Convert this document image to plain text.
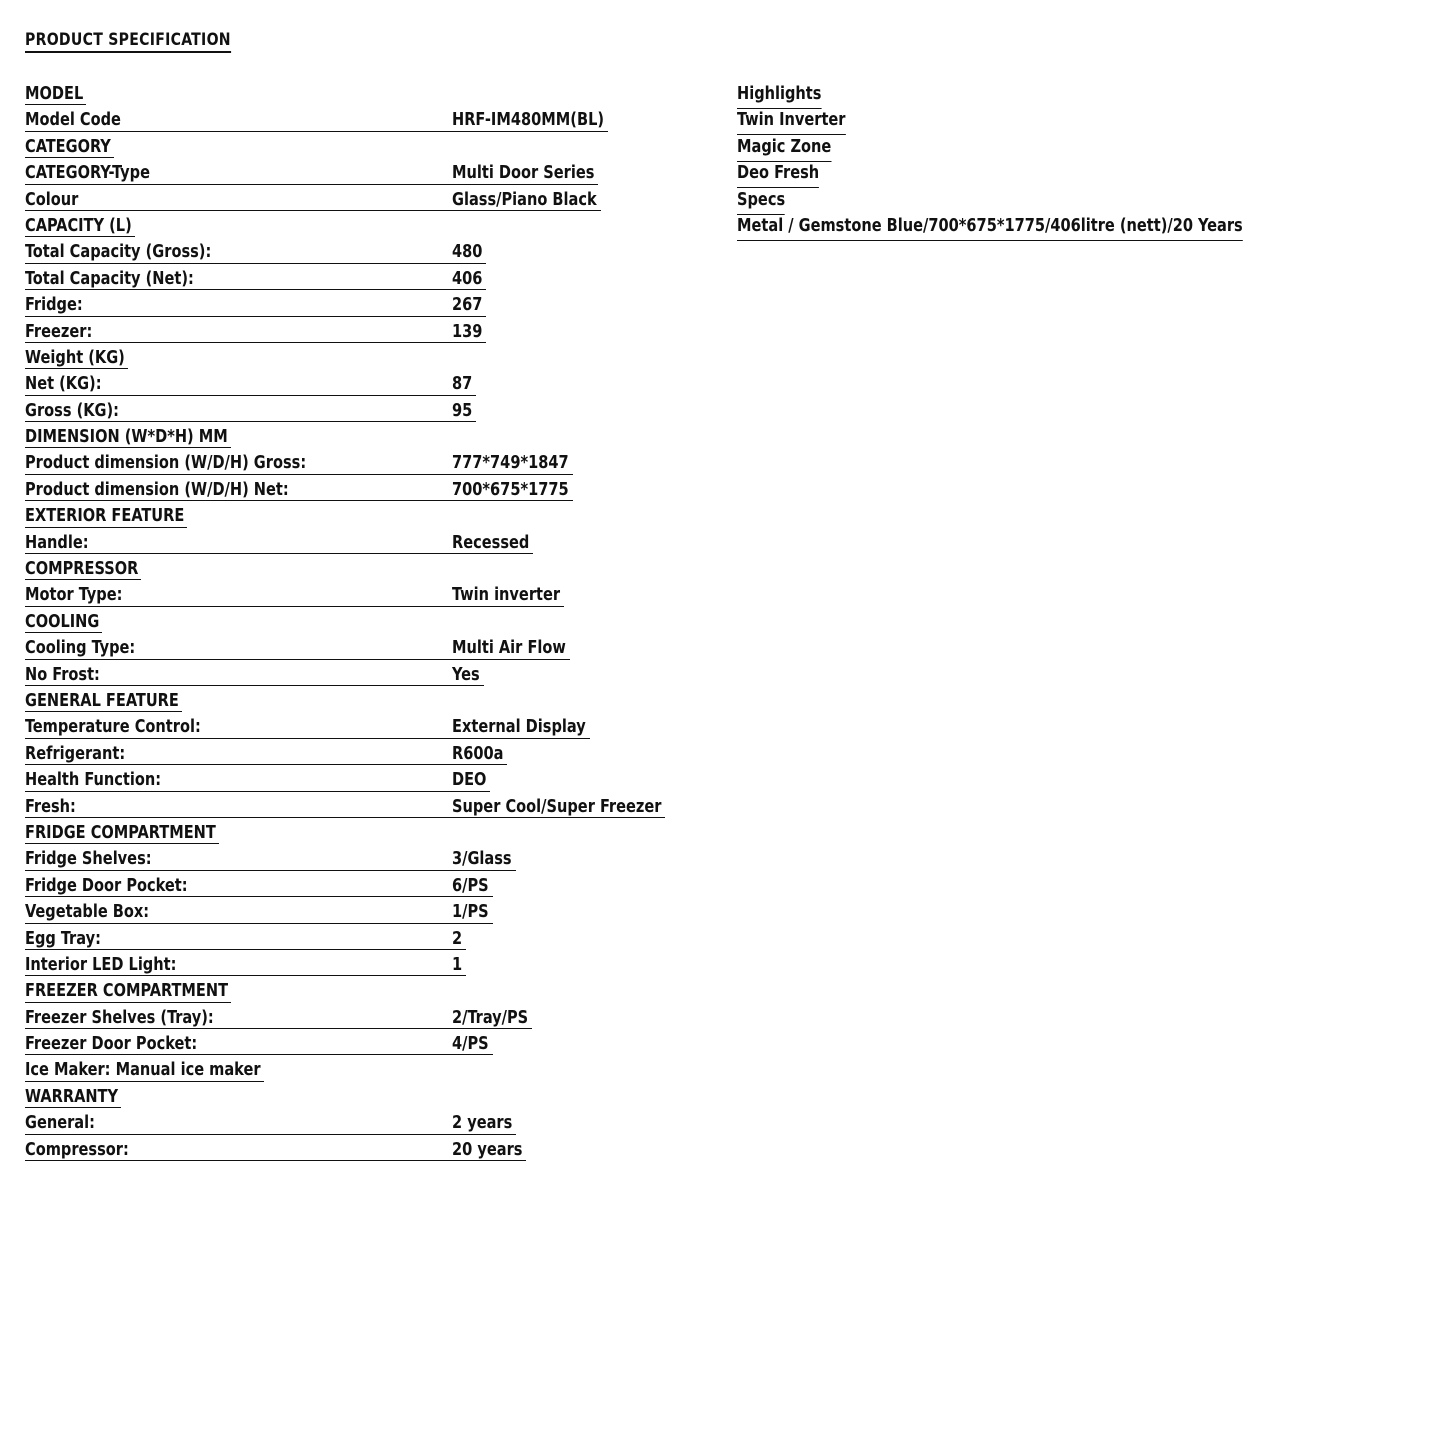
PRODUCT SPECIFICATION
MODEL
Model Code	HRF-IM480MM(BL)
CATEGORY
CATEGORY-Type	Multi Door Series
Colour	Glass/Piano Black
CAPACITY (L)
Total Capacity (Gross):	480
Total Capacity (Net):	406
Fridge:	267
Freezer:	139
Weight (KG)
Net (KG):	87
Gross (KG):	95
DIMENSION (W*D*H) MM
Product dimension (W/D/H) Gross:	777*749*1847
Product dimension (W/D/H) Net:	700*675*1775
EXTERIOR FEATURE
Handle:	Recessed
COMPRESSOR
Motor Type:	Twin inverter
COOLING
Cooling Type:	Multi Air Flow
No Frost:	Yes
GENERAL FEATURE
Temperature Control:	External Display
Refrigerant:	R600a
Health Function:	DEO
Fresh:	Super Cool/Super Freezer
FRIDGE COMPARTMENT
Fridge Shelves:	3/Glass
Fridge Door Pocket:	6/PS
Vegetable Box:	1/PS
Egg Tray:	2
Interior LED Light:	1
FREEZER COMPARTMENT
Freezer Shelves (Tray):	2/Tray/PS
Freezer Door Pocket:	4/PS
Ice Maker: Manual ice maker
WARRANTY
General:	2 years
Compressor:	20 years
Highlights
Twin Inverter
Magic Zone
Deo Fresh
Specs
Metal / Gemstone Blue/700*675*1775/406litre (nett)/20 Years
